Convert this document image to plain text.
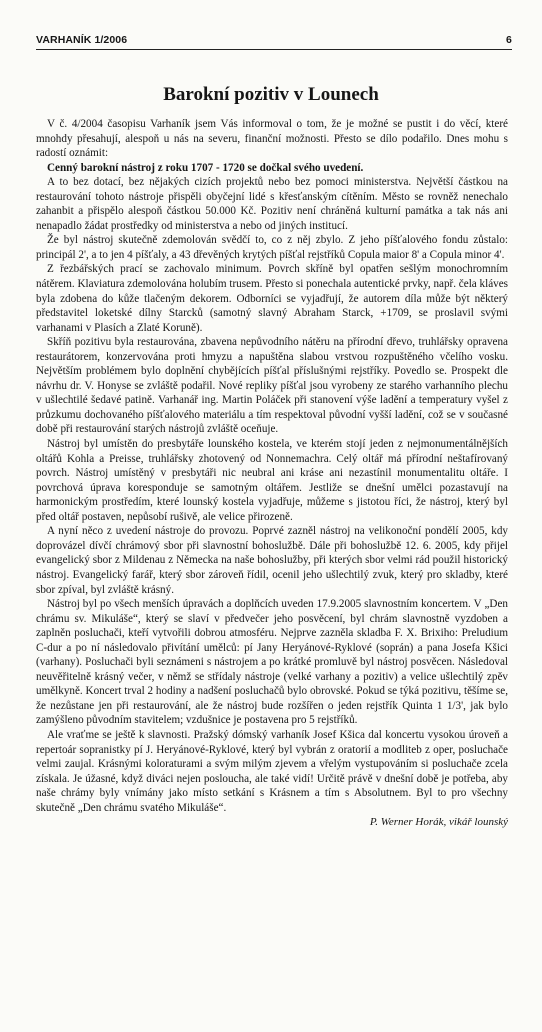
VARHANÍK 1/2006	6
Barokní pozitiv v Lounech

V č. 4/2004 časopisu Varhaník jsem Vás informoval o tom, že je možné se pustit i do věcí, které mnohdy přesahují, alespoň u nás na severu, finanční možnosti. Přesto se dílo podařilo. Dnes mohu s radostí oznámit:

Cenný barokní nástroj z roku 1707 - 1720 se dočkal svého uvedení.

A to bez dotací, bez nějakých cizích projektů nebo bez pomoci ministerstva. Největší částkou na restaurování tohoto nástroje přispěli obyčejní lidé s křesťanským cítěním. Město se rovněž nenechalo zahanbit a přispělo alespoň částkou 50.000 Kč. Pozitiv není chráněná kulturní památka a tak nás ani nenapadlo žádat prostředky od ministerstva a nebo od jiných institucí.

Že byl nástroj skutečně zdemolován svědčí to, co z něj zbylo. Z jeho píšťalového fondu zůstalo: principál 2', a to jen 4 píšťaly, a 43 dřevěných krytých píšťal rejstříků Copula maior 8' a Copula minor 4'.

Z řezbářských prací se zachovalo minimum. Povrch skříně byl opatřen sešlým monochromním nátěrem. Klaviatura zdemolována holubím trusem. Přesto si ponechala autentické prvky, např. čela kláves byla zdobena do kůže tlačeným dekorem. Odborníci se vyjadřují, že autorem díla může být některý představitel loketské dílny Starcků (samotný slavný Abraham Starck, +1709, se proslavil svými varhanami v Plasích a Zlaté Koruně).

Skříň pozitivu byla restaurována, zbavena nepůvodního nátěru na přírodní dřevo, truhlářsky opravena restaurátorem, konzervována proti hmyzu a napuštěna slabou vrstvou rozpuštěného včelího vosku. Největším problémem bylo doplnění chybějících píšťal příslušnými rejstříky. Povedlo se. Prospekt dle návrhu dr. V. Honyse se zvláště podařil. Nové repliky píšťal jsou vyrobeny ze starého varhanního plechu v ušlechtilé šedavé patině. Varhanář ing. Martin Poláček při stanovení výše ladění a temperatury vyšel z průzkumu dochovaného píšťalového materiálu a tím respektoval původní vyšší ladění, což se v současné době při restaurování starých nástrojů zvláště oceňuje.

Nástroj byl umístěn do presbytáře lounského kostela, ve kterém stojí jeden z nejmonumentálnějších oltářů Kohla a Preisse, truhlářsky zhotovený od Nonnemachra. Celý oltář má přírodní neštafírovaný povrch. Nástroj umístěný v presbytáři nic neubral ani kráse ani nezastínil monumentalitu oltáře. I povrchová úprava koresponduje se samotným oltářem. Jestliže se dnešní umělci pozastavují na harmonickým prostředím, které lounský kostela vyjadřuje, můžeme s jistotou říci, že nástroj, který byl před oltář postaven, nepůsobí rušivě, ale velice přirozeně.

A nyní něco z uvedení nástroje do provozu. Poprvé zazněl nástroj na velikonoční pondělí 2005, kdy doprovázel dívčí chrámový sbor při slavnostní bohoslužbě. Dále při bohoslužbě 12. 6. 2005, kdy přijel evangelický sbor z Mildenau z Německa na naše bohoslužby, při kterých sbor velmi rád použil historický nástroj. Evangelický farář, který sbor zároveň řídil, ocenil jeho ušlechtilý zvuk, který pro skladby, které sbor zpíval, byl zvláště krásný.

Nástroj byl po všech menších úpravách a doplňcích uveden 17.9.2005 slavnostním koncertem. V „Den chrámu sv. Mikuláše“, který se slaví v předvečer jeho posvěcení, byl chrám slavnostně vyzdoben a zaplněn posluchači, kteří vytvořili dobrou atmosféru. Nejprve zazněla skladba F. X. Brixiho: Preludium C-dur a po ní následovalo přivítání umělců: pí Jany Heryánové-Ryklové (soprán) a pana Josefa Kšici (varhany). Posluchači byli seznámeni s nástrojem a po krátké promluvě byl nástroj posvěcen. Následoval neuvěřitelně krásný večer, v němž se střídaly nástroje (velké varhany a pozitiv) a velice ušlechtilý zpěv umělkyně. Koncert trval 2 hodiny a nadšení posluchačů bylo obrovské. Pokud se týká pozitivu, těšíme se, že nezůstane jen při restaurování, ale že nástroj bude rozšířen o jeden rejstřík Quinta 1 1/3', jak bylo zamýšleno původním stavitelem; vzdušnice je postavena pro 5 rejstříků.

Ale vraťme se ještě k slavnosti. Pražský dómský varhaník Josef Kšica dal koncertu vysokou úroveň a repertoár sopranistky pí J. Heryánové-Ryklové, který byl vybrán z oratorií a modliteb z oper, posluchače velmi zaujal. Krásnými koloraturami a svým milým zjevem a vřelým vystupováním si posluchače zcela získala. Je úžasné, když diváci nejen posloucha, ale také vidí! Určitě právě v dnešní době je potřeba, aby naše chrámy byly vnímány jako místo setkání s Krásnem a tím s Absolutnem. Byl to pro všechny skutečně „Den chrámu svatého Mikuláše“.

P. Werner Horák, vikář lounský
